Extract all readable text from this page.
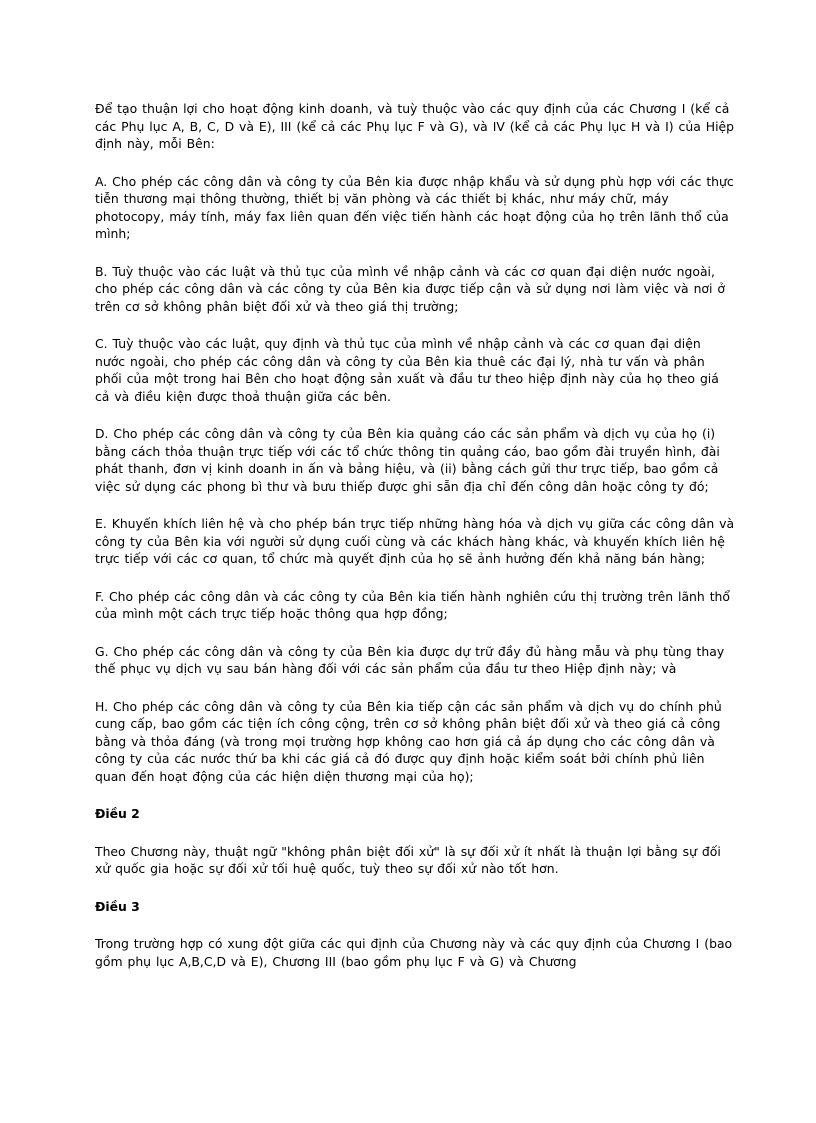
Để tạo thuận lợi cho hoạt động kinh doanh, và tuỳ thuộc vào các quy định của các Chương I (kể cả các Phụ lục A, B, C, D và E), III (kể cả các Phụ lục F và G), và IV (kể cả các Phụ lục H và I) của Hiệp định này, mỗi Bên:

A. Cho phép các công dân và công ty của Bên kia được nhập khẩu và sử dụng phù hợp với các thực tiễn thương mại thông thường, thiết bị văn phòng và các thiết bị khác, như máy chữ, máy photocopy, máy tính, máy fax liên quan đến việc tiến hành các hoạt động của họ trên lãnh thổ của mình;

B. Tuỳ thuộc vào các luật và thủ tục của mình về nhập cảnh và các cơ quan đại diện nước ngoài, cho phép các công dân và các công ty của Bên kia được tiếp cận và sử dụng nơi làm việc và nơi ở trên cơ sở không phân biệt đối xử và theo giá thị trường;

C. Tuỳ thuộc vào các luật, quy định và thủ tục của mình về nhập cảnh và các cơ quan đại diện nước ngoài, cho phép các công dân và công ty của Bên kia thuê các đại lý, nhà tư vấn và phân phối của một trong hai Bên cho hoạt động sản xuất và đầu tư theo hiệp định này của họ theo giá cả và điều kiện được thoả thuận giữa các bên.

D. Cho phép các công dân và công ty của Bên kia quảng cáo các sản phẩm và dịch vụ của họ (i) bằng cách thỏa thuận trực tiếp với các tổ chức thông tin quảng cáo, bao gồm đài truyền hình, đài phát thanh, đơn vị kinh doanh in ấn và bảng hiệu, và (ii) bằng cách gửi thư trực tiếp, bao gồm cả việc sử dụng các phong bì thư và bưu thiếp được ghi sẵn địa chỉ đến công dân hoặc công ty đó;

E. Khuyến khích liên hệ và cho phép bán trực tiếp những hàng hóa và dịch vụ giữa các công dân và công ty của Bên kia với người sử dụng cuối cùng và các khách hàng khác, và khuyến khích liên hệ trực tiếp với các cơ quan, tổ chức mà quyết định của họ sẽ ảnh hưởng đến khả năng bán hàng;

F. Cho phép các công dân và các công ty của Bên kia tiến hành nghiên cứu thị trường trên lãnh thổ của mình một cách trực tiếp hoặc thông qua hợp đồng;

G. Cho phép các công dân và công ty của Bên kia được dự trữ đầy đủ hàng mẫu và phụ tùng thay thế phục vụ dịch vụ sau bán hàng đối với các sản phẩm của đầu tư theo Hiệp định này; và

H. Cho phép các công dân và công ty của Bên kia tiếp cận các sản phẩm và dịch vụ do chính phủ cung cấp, bao gồm các tiện ích công cộng, trên cơ sở không phân biệt đối xử và theo giá cả công bằng và thỏa đáng (và trong mọi trường hợp không cao hơn giá cả áp dụng cho các công dân và công ty của các nước thứ ba khi các giá cả đó được quy định hoặc kiểm soát bởi chính phủ liên quan đến hoạt động của các hiện diện thương mại của họ);

Điều 2

Theo Chương này, thuật ngữ "không phân biệt đối xử" là sự đối xử ít nhất là thuận lợi bằng sự đối xử quốc gia hoặc sự đối xử tối huệ quốc, tuỳ theo sự đối xử nào tốt hơn.

Điều 3

Trong trường hợp có xung đột giữa các qui định của Chương này và các quy định của Chương I (bao gồm phụ lục A,B,C,D và E), Chương III (bao gồm phụ lục F và G) và Chương
